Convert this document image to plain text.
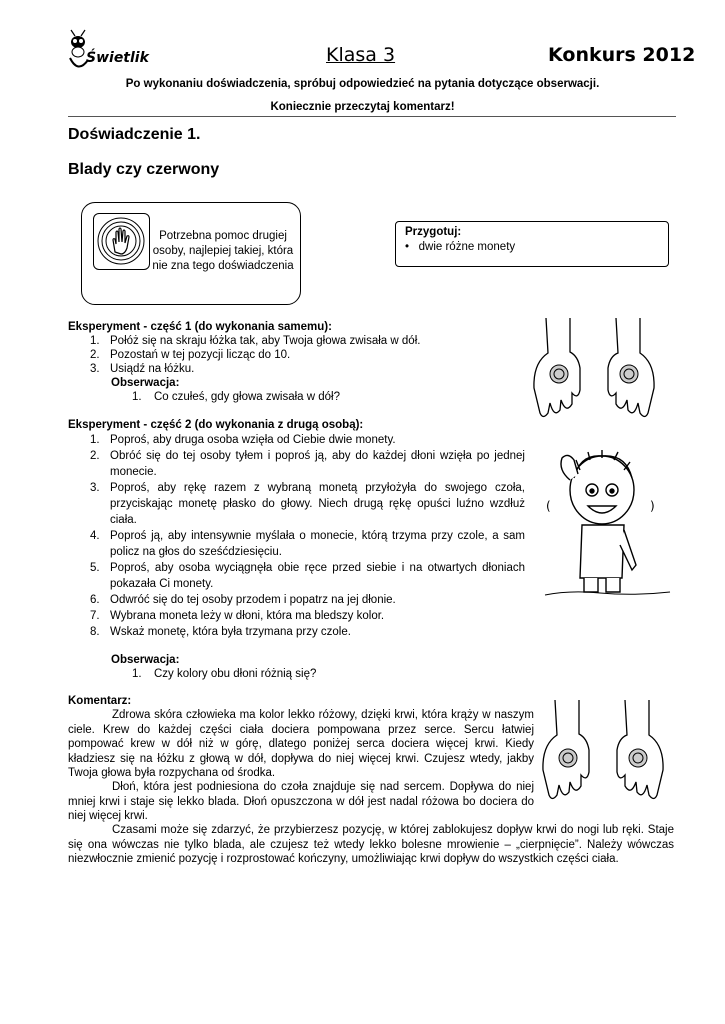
Świetlik	Klasa 3	Konkurs 2012
Po wykonaniu doświadczenia, spróbuj odpowiedzieć na pytania dotyczące obserwacji.
Koniecznie przeczytaj komentarz!
Doświadczenie 1.
Blady czy czerwony
Potrzebna pomoc drugiej osoby, najlepiej takiej, która nie zna tego doświadczenia
Przygotuj:
•   dwie różne monety
Eksperyment - część 1 (do wykonania samemu):
1. Połóż się na skraju łóżka tak, aby Twoja głowa zwisała w dół.
2. Pozostań w tej pozycji licząc do 10.
3. Usiądź na łóżku.
Obserwacja:
1. Co czułeś, gdy głowa zwisała w dół?
Eksperyment - część 2 (do wykonania z drugą osobą):
1. Poproś, aby druga osoba wzięła od Ciebie dwie monety.
2. Obróć się do tej osoby tyłem i poproś ją, aby do każdej dłoni wzięła po jednej monecie.
3. Poproś, aby rękę razem z wybraną monetą przyłożyła do swojego czoła, przyciskając monetę płasko do głowy. Niech drugą rękę opuści luźno wzdłuż ciała.
4. Poproś ją, aby intensywnie myślała o monecie, którą trzyma przy czole, a sam policz na głos do sześćdziesięciu.
5. Poproś, aby osoba wyciągnęła obie ręce przed siebie i na otwartych dłoniach pokazała Ci monety.
6. Odwróć się do tej osoby przodem i popatrz na jej dłonie.
7. Wybrana moneta leży w dłoni, która ma bledszy kolor.
8. Wskaż monetę, która była trzymana przy czole.
Obserwacja:
1. Czy kolory obu dłoni różnią się?
Komentarz:
Zdrowa skóra człowieka ma kolor lekko różowy, dzięki krwi, która krąży w naszym ciele. Krew do każdej części ciała dociera pompowana przez serce. Sercu łatwiej pompować krew w dół niż w górę, dlatego poniżej serca dociera więcej krwi. Kiedy kładziesz się na łóżku z głową w dół, dopływa do niej więcej krwi. Czujesz wtedy, jakby Twoja głowa była rozpychana od środka.
Dłoń, która jest podniesiona do czoła znajduje się nad sercem. Dopływa do niej mniej krwi i staje się lekko blada. Dłoń opuszczona w dół jest nadal różowa bo dociera do niej więcej krwi.
Czasami może się zdarzyć, że przybierzesz pozycję, w której zablokujesz dopływ krwi do nogi lub ręki. Staje się ona wówczas nie tylko blada, ale czujesz też wtedy lekko bolesne mrowienie – „cierpnięcie”. Należy wówczas niezwłocznie zmienić pozycję i rozprostować kończyny, umożliwiając krwi dopływ do wszystkich części ciała.
(	)
